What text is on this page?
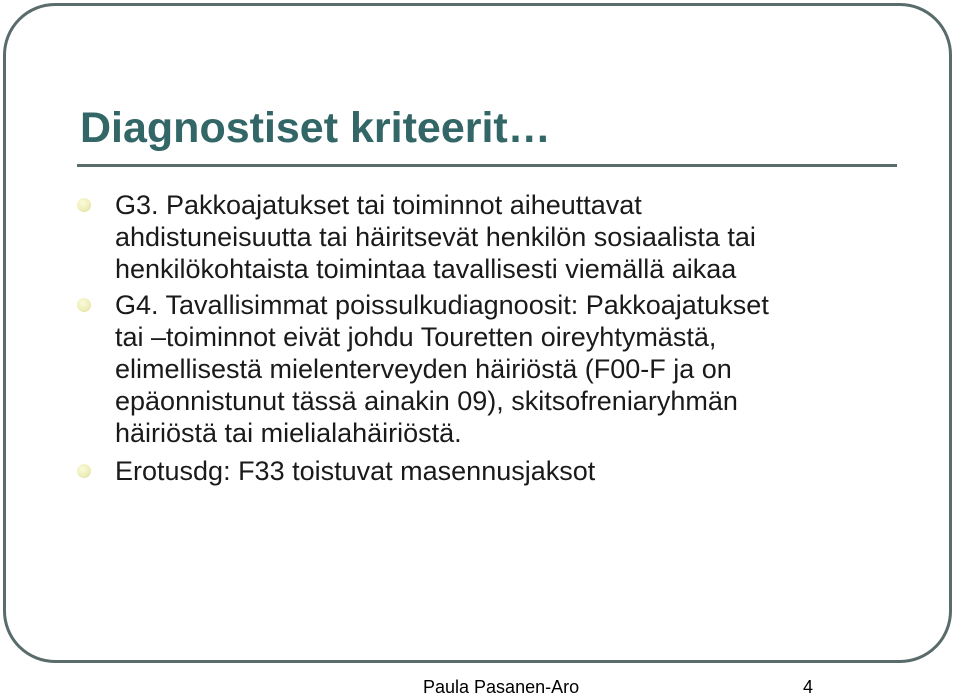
Diagnostiset kriteerit…
G3. Pakkoajatukset tai toiminnot aiheuttavat
ahdistuneisuutta tai häiritsevät henkilön sosiaalista tai
henkilökohtaista toimintaa tavallisesti viemällä aikaa
G4. Tavallisimmat poissulkudiagnoosit: Pakkoajatukset
tai –toiminnot eivät johdu Touretten oireyhtymästä,
elimellisestä mielenterveyden häiriöstä (F00-F ja on
epäonnistunut tässä ainakin 09), skitsofreniaryhmän
häiriöstä tai mielialahäiriöstä.
Erotusdg: F33 toistuvat masennusjaksot
Paula Pasanen-Aro	4
